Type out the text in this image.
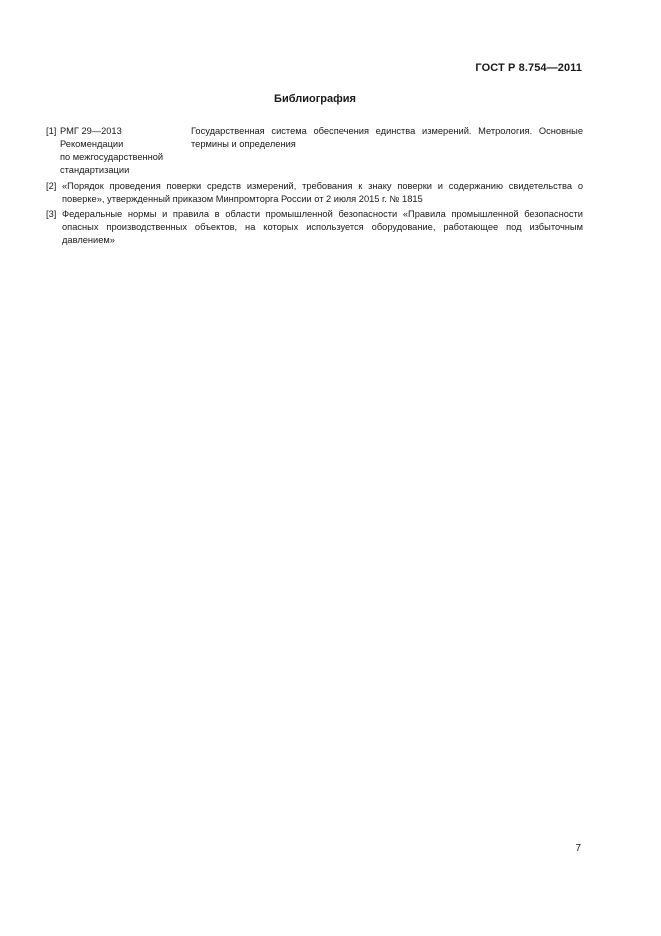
ГОСТ Р 8.754—2011
Библиография
[1] РМГ 29—2013
Рекомендации
по межгосударственной
стандартизации
Государственная система обеспечения единства измерений. Метрология. Основные термины и определения
[2] «Порядок проведения поверки средств измерений, требования к знаку поверки и содержанию свидетельства о поверке», утвержденный приказом Минпромторга России от 2 июля 2015 г. № 1815
[3] Федеральные нормы и правила в области промышленной безопасности «Правила промышленной безопасности опасных производственных объектов, на которых используется оборудование, работающее под избыточным давлением»
7
